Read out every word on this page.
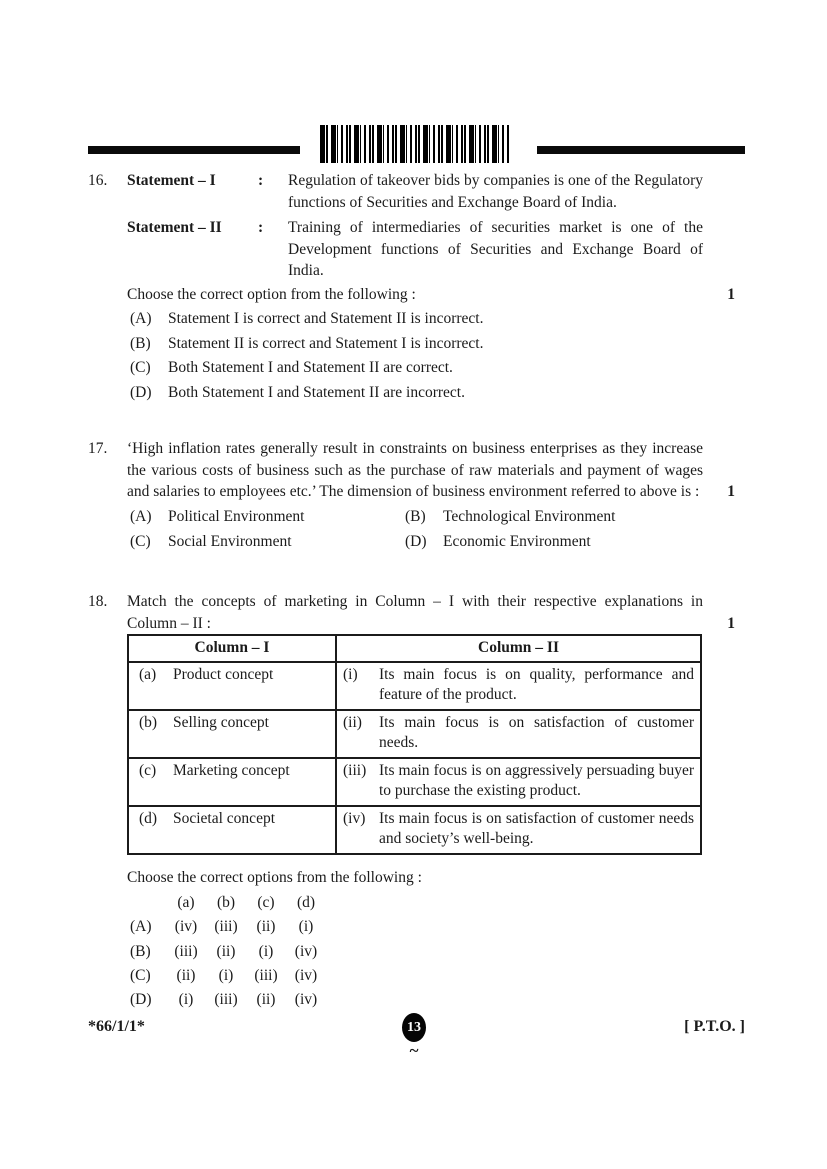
16.	Statement – I	:	Regulation of takeover bids by companies is one of the Regulatory functions of Securities and Exchange Board of India.
Statement – II	:	Training of intermediaries of securities market is one of the Development functions of Securities and Exchange Board of India.
Choose the correct option from the following :	1
(A)	Statement I is correct and Statement II is incorrect.
(B)	Statement II is correct and Statement I is incorrect.
(C)	Both Statement I and Statement II are correct.
(D)	Both Statement I and Statement II are incorrect.
17.	‘High inflation rates generally result in constraints on business enterprises as they increase the various costs of business such as the purchase of raw materials and payment of wages and salaries to employees etc.’ The dimension of business environment referred to above is : 1
(A)	Political Environment	(B)	Technological Environment
(C)	Social Environment	(D)	Economic Environment
18.	Match the concepts of marketing in Column – I with their respective explanations in Column – II :	1
Column – I	Column – II

(a) Product concept	(i) Its main focus is on quality, performance and feature of the product.

(b) Selling concept	(ii) Its main focus is on satisfaction of customer needs.

(c) Marketing concept	(iii) Its main focus is on aggressively persuading buyer to purchase the existing product.

(d) Societal concept	(iv) Its main focus is on satisfaction of customer needs and society’s well-being.
Choose the correct options from the following :
(a)	(b)	(c)	(d)
(A)	(iv)	(iii)	(ii)	(i)
(B)	(iii)	(ii)	(i)	(iv)
(C)	(ii)	(i)	(iii)	(iv)
(D)	(i)	(iii)	(ii)	(iv)
*66/1/1*	13	[ P.T.O. ]
~
